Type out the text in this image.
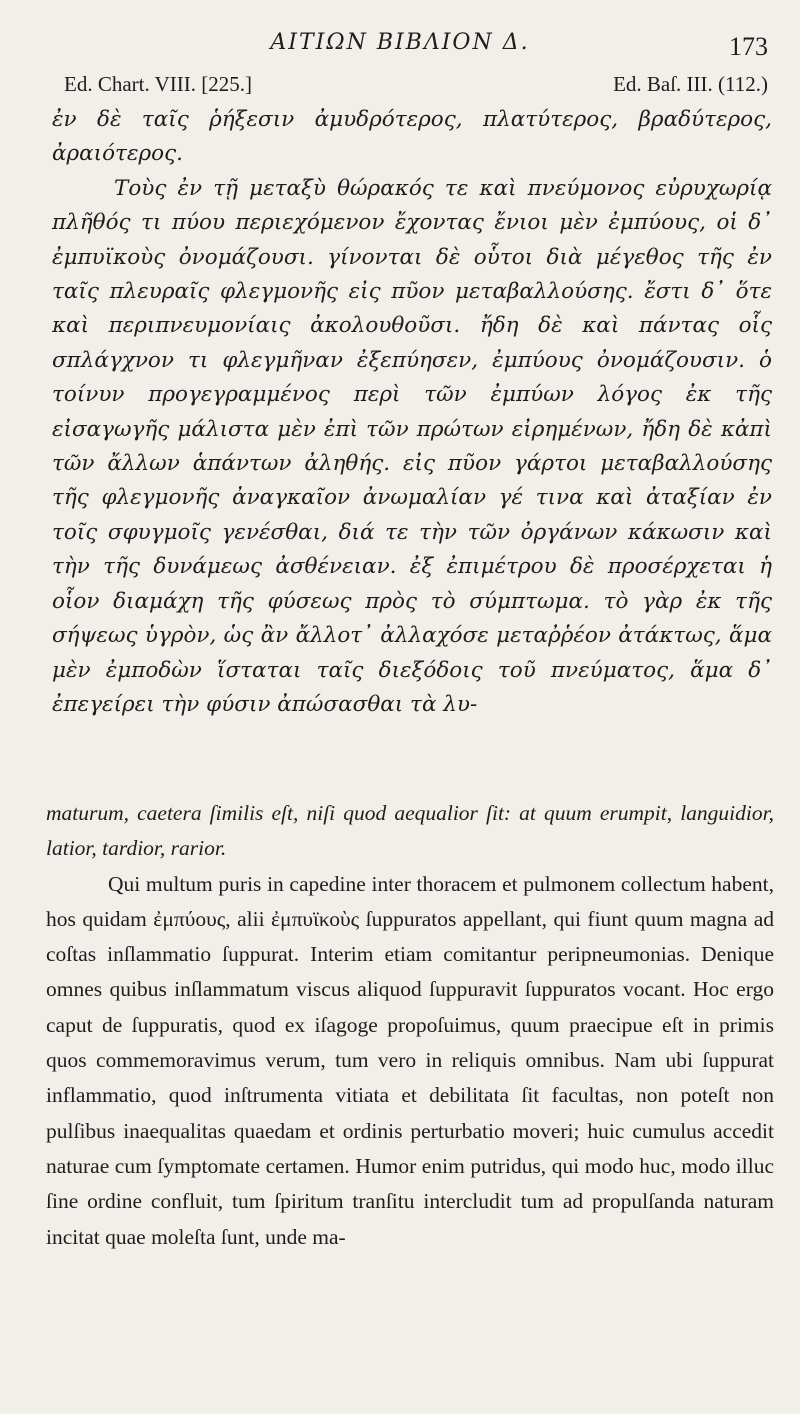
ΑΙΤΙΩΝ ΒΙΒΛΙΟΝ Δ.	173
Ed. Chart. VIII. [225.]	Ed. Baſ. III. (112.)

ἐν δὲ ταῖς ῥήξεσιν ἀμυδρότερος, πλατύτερος, βραδύτερος, ἀραιότερος.

Τοὺς ἐν τῇ μεταξὺ θώρακός τε καὶ πνεύμονος εὐρυχωρίᾳ πλῆθός τι πύου περιεχόμενον ἔχοντας ἔνιοι μὲν ἐμπύους, οἱ δ᾽ ἐμπυϊκοὺς ὀνομάζουσι. γίνονται δὲ οὗτοι διὰ μέγεθος τῆς ἐν ταῖς πλευραῖς φλεγμονῆς εἰς πῦον μεταβαλλούσης. ἔστι δ᾽ ὅτε καὶ περιπνευμονίαις ἀκολουθοῦσι. ἤδη δὲ καὶ πάντας οἷς σπλάγχνον τι φλεγμῆναν ἐξεπύησεν, ἐμπύους ὀνομάζουσιν. ὁ τοίνυν προγεγραμμένος περὶ τῶν ἐμπύων λόγος ἐκ τῆς εἰσαγωγῆς μάλιστα μὲν ἐπὶ τῶν πρώτων εἰρημένων, ἤδη δὲ κἀπὶ τῶν ἄλλων ἁπάντων ἀληθής. εἰς πῦον γάρτοι μεταβαλλούσης τῆς φλεγμονῆς ἀναγκαῖον ἀνωμαλίαν γέ τινα καὶ ἀταξίαν ἐν τοῖς σφυγμοῖς γενέσθαι, διά τε τὴν τῶν ὀργάνων κάκωσιν καὶ τὴν τῆς δυνάμεως ἀσθένειαν. ἐξ ἐπιμέτρου δὲ προσέρχεται ἡ οἷον διαμάχη τῆς φύσεως πρὸς τὸ σύμπτωμα. τὸ γὰρ ἐκ τῆς σήψεως ὑγρὸν, ὡς ἂν ἄλλοτ᾽ ἀλλαχόσε μεταῤῥέον ἀτάκτως, ἅμα μὲν ἐμποδὼν ἵσταται ταῖς διεξόδοις τοῦ πνεύματος, ἅμα δ᾽ ἐπεγείρει τὴν φύσιν ἀπώσασθαι τὰ λυ-

maturum, caetera ſimilis eſt, niſi quod aequalior ſit: at quum erumpit, languidior, latior, tardior, rarior.

Qui multum puris in capedine inter thoracem et pulmonem collectum habent, hos quidam ἐμπύους, alii ἐμπυϊκοὺς ſuppuratos appellant, qui fiunt quum magna ad coſtas inſlammatio ſuppurat. Interim etiam comitantur peripneumonias. Denique omnes quibus inſlammatum viscus aliquod ſuppuravit ſuppuratos vocant. Hoc ergo caput de ſuppuratis, quod ex iſagoge propoſuimus, quum praecipue eſt in primis quos commemoravimus verum, tum vero in reliquis omnibus. Nam ubi ſuppurat inflammatio, quod inſtrumenta vitiata et debilitata ſit facultas, non poteſt non pulſibus inaequalitas quaedam et ordinis perturbatio moveri; huic cumulus accedit naturae cum ſymptomate certamen. Humor enim putridus, qui modo huc, modo illuc ſine ordine confluit, tum ſpiritum tranſitu intercludit tum ad propulſanda naturam incitat quae moleſta ſunt, unde ma-
